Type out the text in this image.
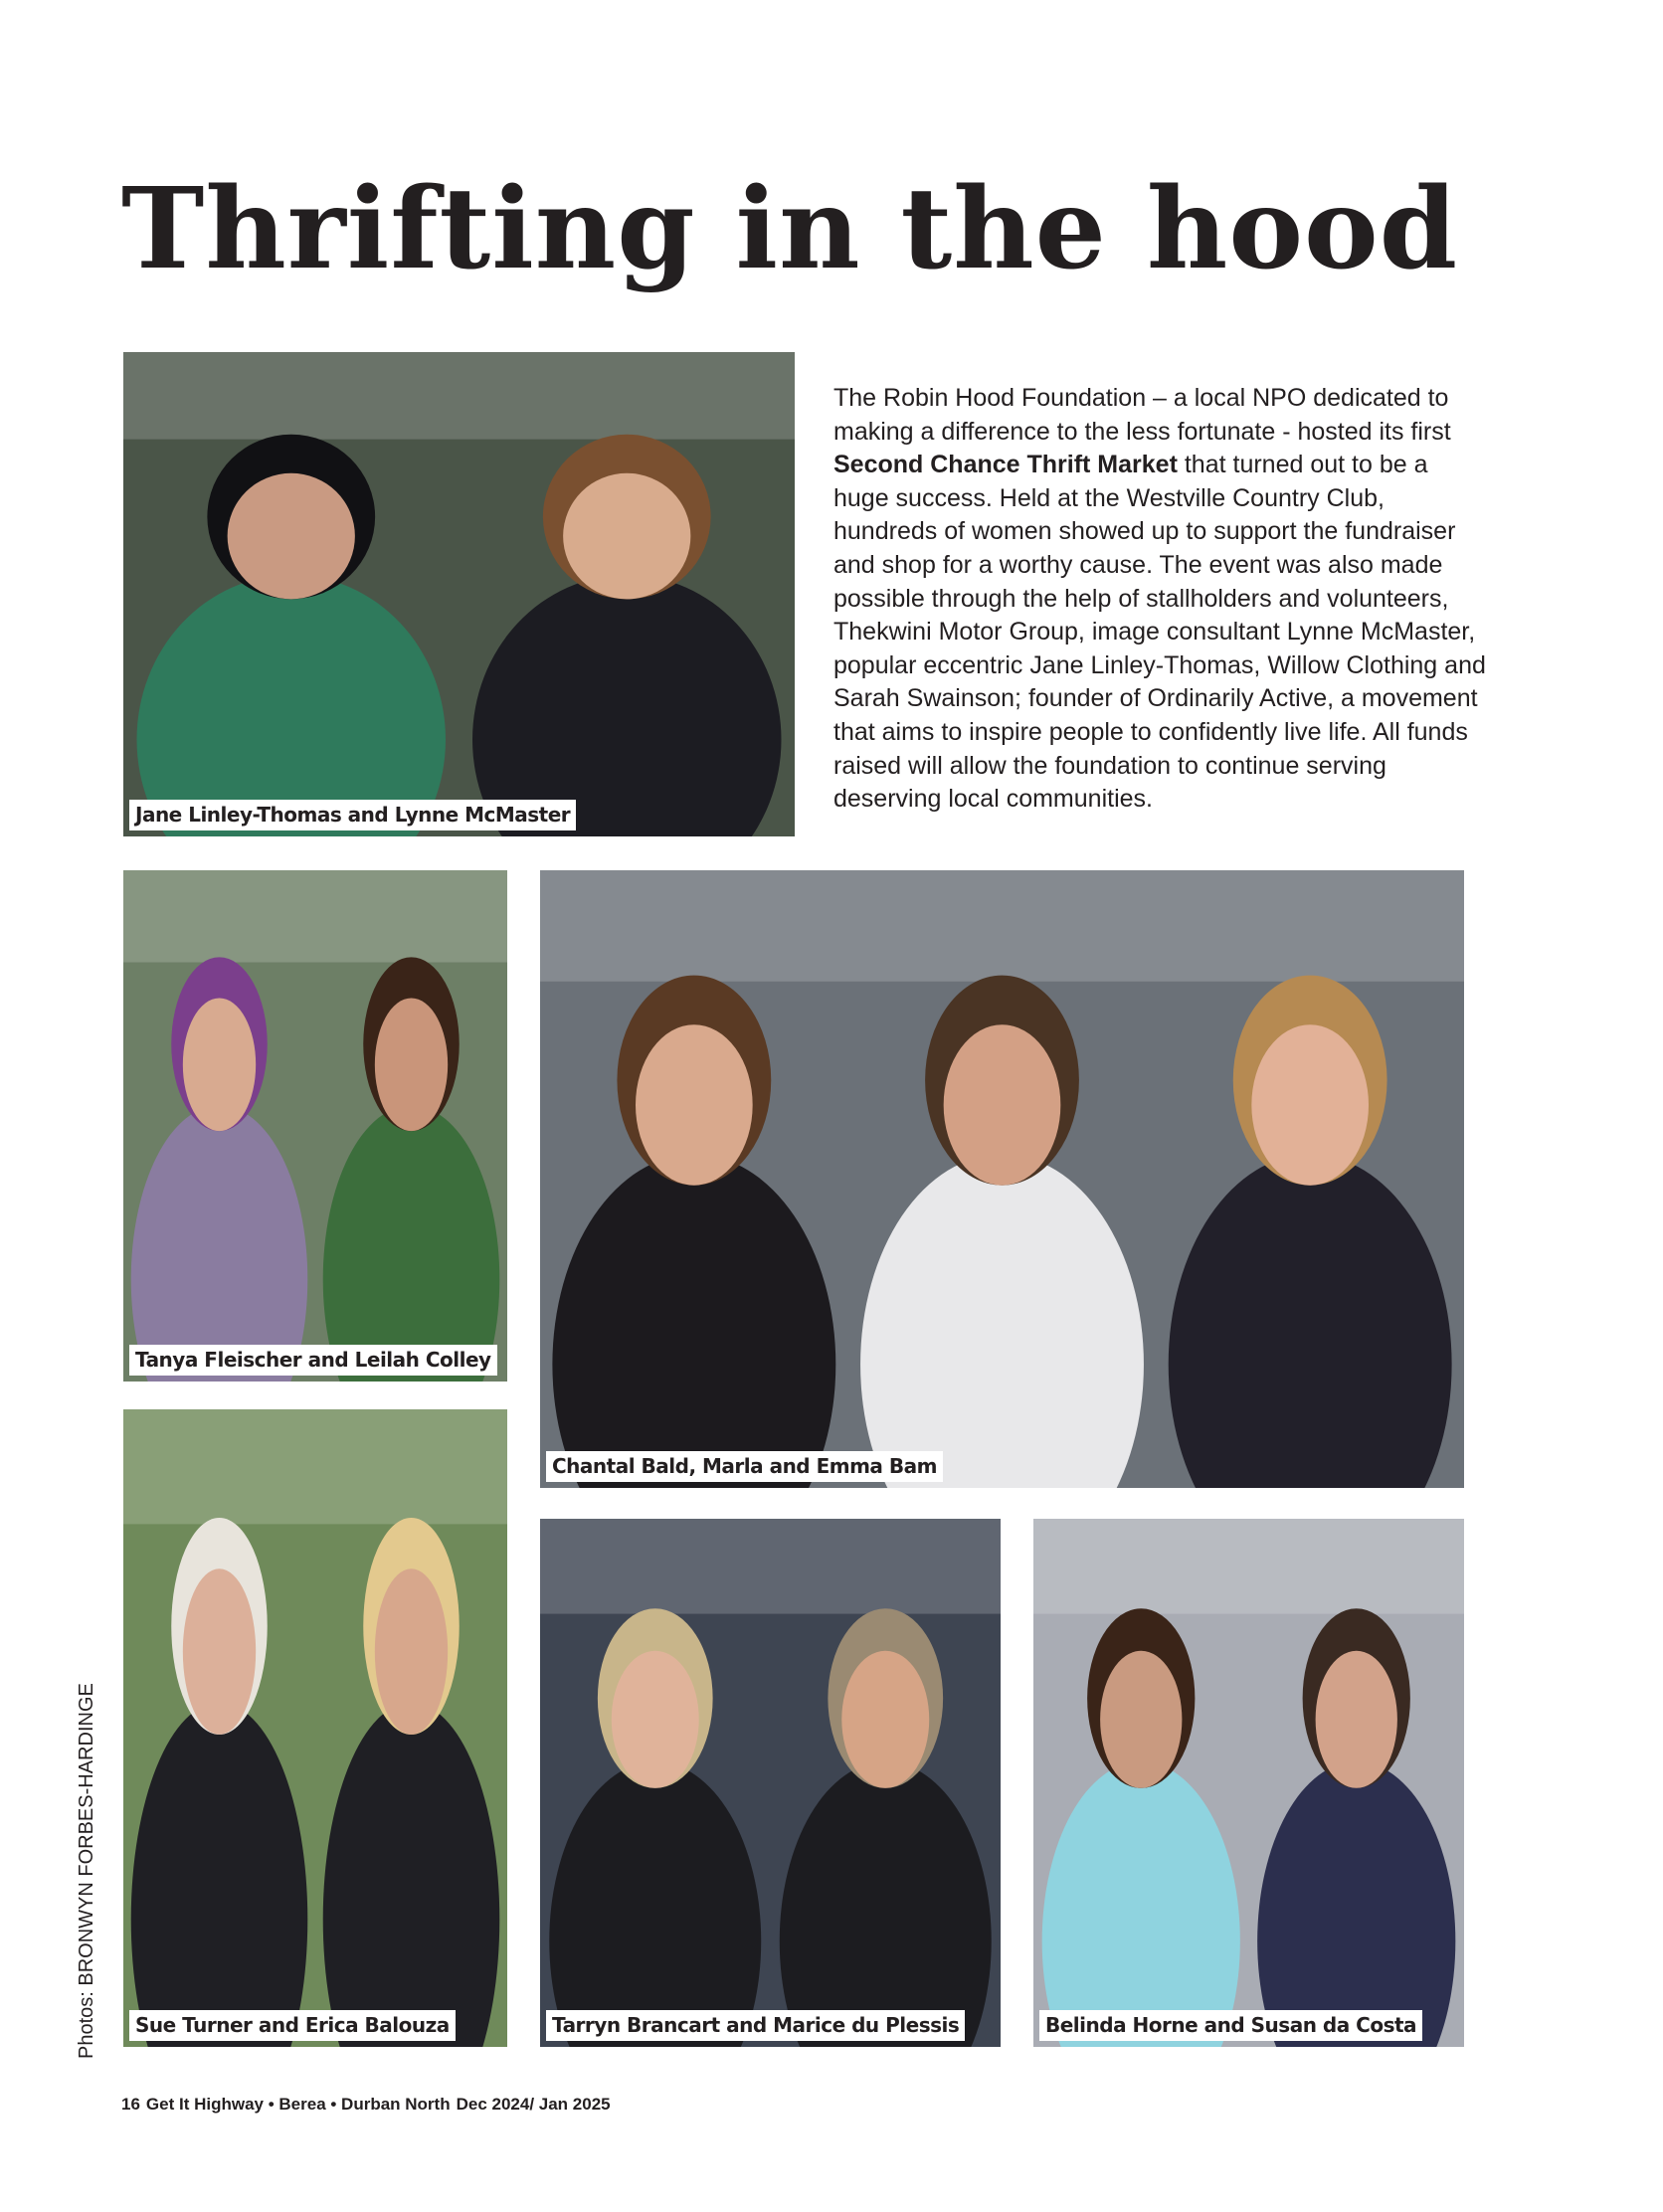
Thrifting in the hood

The Robin Hood Foundation – a local NPO dedicated to making a difference to the less fortunate - hosted its first Second Chance Thrift Market that turned out to be a huge success. Held at the Westville Country Club, hundreds of women showed up to support the fundraiser and shop for a worthy cause. The event was also made possible through the help of stallholders and volunteers, Thekwini Motor Group, image consultant Lynne McMaster, popular eccentric Jane Linley-Thomas, Willow Clothing and Sarah Swainson; founder of Ordinarily Active, a movement that aims to inspire people to confidently live life. All funds raised will allow the foundation to continue serving deserving local communities.

Jane Linley-Thomas and Lynne McMaster
Tanya Fleischer and Leilah Colley
Chantal Bald, Marla and Emma Bam
Sue Turner and Erica Balouza	Tarryn Brancart and Marice du Plessis	Belinda Horne and Susan da Costa
Photos: BRONWYN FORBES-HARDINGE
16 Get It Highway • Berea • Durban North Dec 2024/ Jan 2025
